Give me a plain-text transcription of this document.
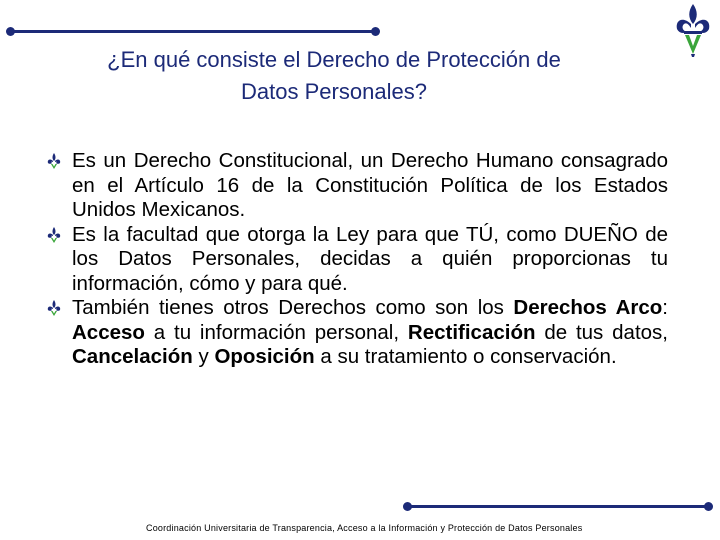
¿En qué consiste el Derecho de Protección de
Datos Personales?
Es un Derecho Constitucional, un Derecho Humano consagrado en el Artículo 16 de la Constitución Política de los Estados Unidos Mexicanos.
Es la facultad que otorga la Ley para que TÚ, como DUEÑO de los Datos Personales, decidas a quién proporcionas tu información, cómo y para qué.
También tienes otros Derechos como son los Derechos Arco: Acceso a tu información personal, Rectificación de tus datos, Cancelación y Oposición a su tratamiento o conservación.
Coordinación Universitaria de Transparencia, Acceso a la Información y Protección de Datos Personales
